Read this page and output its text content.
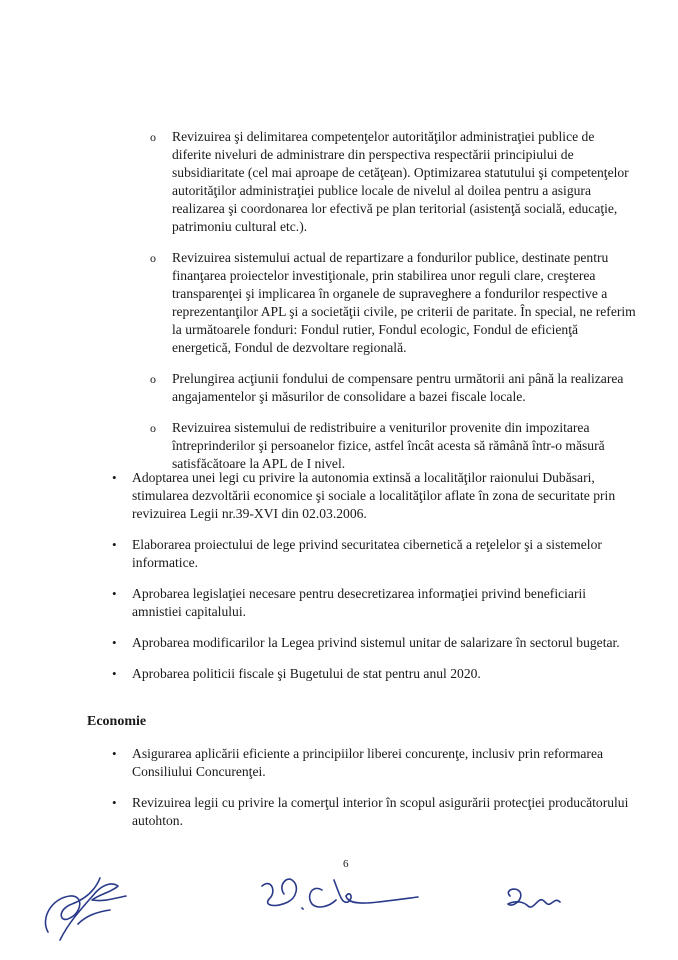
o Revizuirea şi delimitarea competenţelor autorităţilor administraţiei publice de diferite niveluri de administrare din perspectiva respectării principiului de subsidiaritate (cel mai aproape de cetăţean). Optimizarea statutului şi competenţelor autorităţilor administraţiei publice locale de nivelul al doilea pentru a asigura realizarea şi coordonarea lor efectivă pe plan teritorial (asistenţă socială, educaţie, patrimoniu cultural etc.).
o Revizuirea sistemului actual de repartizare a fondurilor publice, destinate pentru finanţarea proiectelor investiţionale, prin stabilirea unor reguli clare, creşterea transparenţei şi implicarea în organele de supraveghere a fondurilor respective a reprezentanţilor APL şi a societăţii civile, pe criterii de paritate. În special, ne referim la următoarele fonduri: Fondul rutier, Fondul ecologic, Fondul de eficienţă energetică, Fondul de dezvoltare regională.
o Prelungirea acţiunii fondului de compensare pentru următorii ani până la realizarea angajamentelor şi măsurilor de consolidare a bazei fiscale locale.
o Revizuirea sistemului de redistribuire a veniturilor provenite din impozitarea întreprinderilor şi persoanelor fizice, astfel încât acesta să rămână într-o măsură satisfăcătoare la APL de I nivel.
• Adoptarea unei legi cu privire la autonomia extinsă a localităţilor raionului Dubăsari, stimularea dezvoltării economice şi sociale a localităţilor aflate în zona de securitate prin revizuirea Legii nr.39-XVI din 02.03.2006.
• Elaborarea proiectului de lege privind securitatea cibernetică a reţelelor şi a sistemelor informatice.
• Aprobarea legislaţiei necesare pentru desecretizarea informaţiei privind beneficiarii amnistiei capitalului.
• Aprobarea modificarilor la Legea privind sistemul unitar de salarizare în sectorul bugetar.
• Aprobarea politicii fiscale şi Bugetului de stat pentru anul 2020.
Economie
• Asigurarea aplicării eficiente a principiilor liberei concurenţe, inclusiv prin reformarea Consiliului Concurenţei.
• Revizuirea legii cu privire la comerţul interior în scopul asigurării protecţiei producătorului autohton.
6
